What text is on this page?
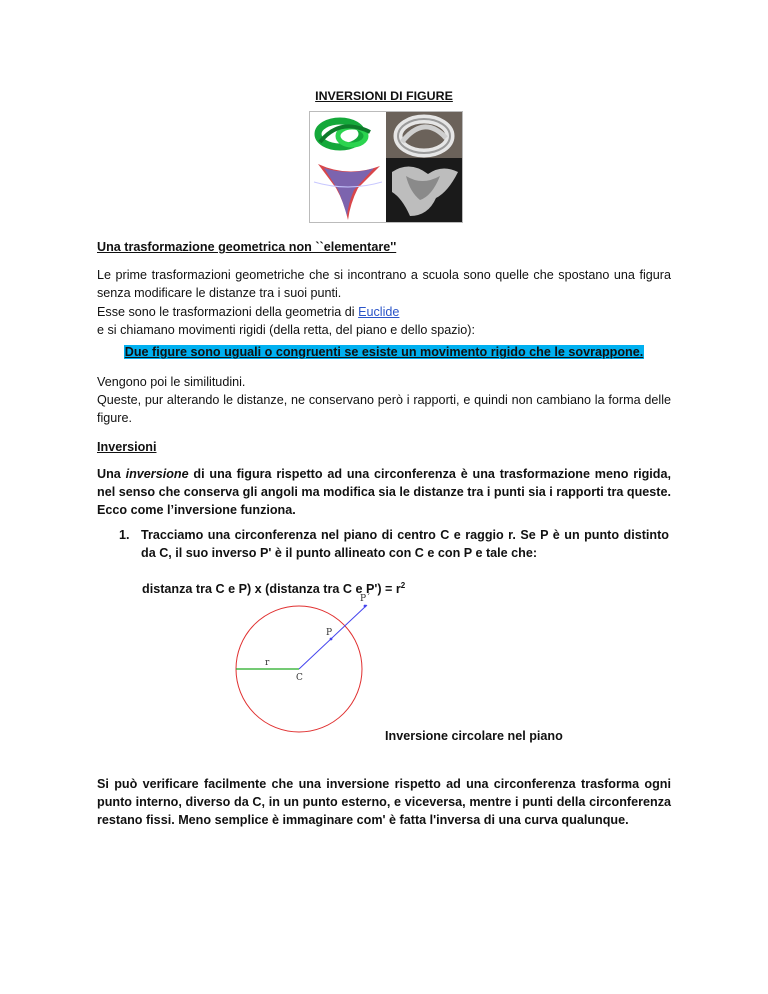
INVERSIONI DI FIGURE

Una trasformazione geometrica non ``elementare''

Le prime trasformazioni geometriche che si incontrano a scuola sono quelle che spostano una figura senza modificare le distanze tra i suoi punti.

Esse sono le trasformazioni della geometria di Euclide
e si chiamano movimenti rigidi (della retta, del piano e dello spazio):

Due figure sono uguali o congruenti se esiste un movimento rigido che le sovrappone.

Vengono poi le similitudini.

Queste, pur alterando le distanze, ne conservano però i rapporti, e quindi non cambiano la forma delle figure.

Inversioni

Una inversione di una figura rispetto ad una circonferenza è una trasformazione meno rigida, nel senso che conserva gli angoli ma modifica sia le distanze tra i punti sia i rapporti tra queste. Ecco come l’inversione funziona.

1. Tracciamo una circonferenza nel piano di centro C e raggio r. Se P è un punto distinto da C, il suo inverso P' è il punto allineato con C e con P e tale che:
distanza tra C e P) x (distanza tra C e $P') = r^2$
P´
P
r
C
Inversione circolare nel piano

Si può verificare facilmente che una inversione rispetto ad una circonferenza trasforma ogni punto interno, diverso da C, in un punto esterno, e viceversa, mentre i punti della circonferenza restano fissi. Meno semplice è immaginare com' è fatta l'inversa di una curva qualunque.
